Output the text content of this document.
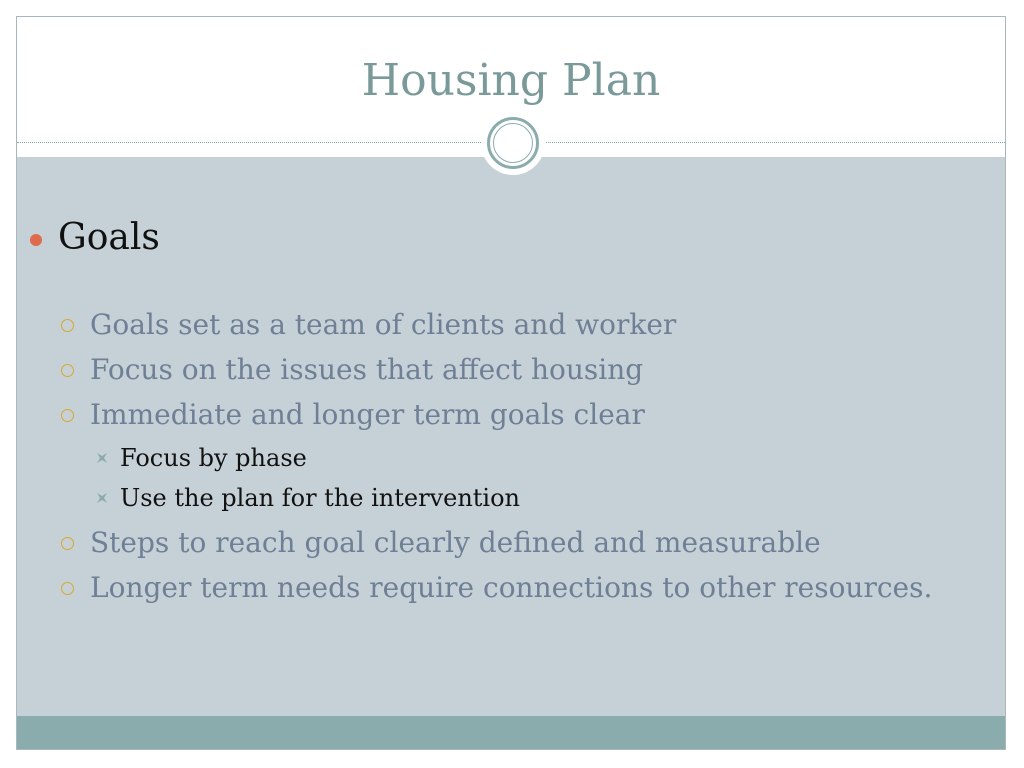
Housing Plan
Goals
Goals set as a team of clients and worker
Focus on the issues that affect housing
Immediate and longer term goals clear
Focus by phase
Use the plan for the intervention
Steps to reach goal clearly defined and measurable
Longer term needs require connections to other resources.
